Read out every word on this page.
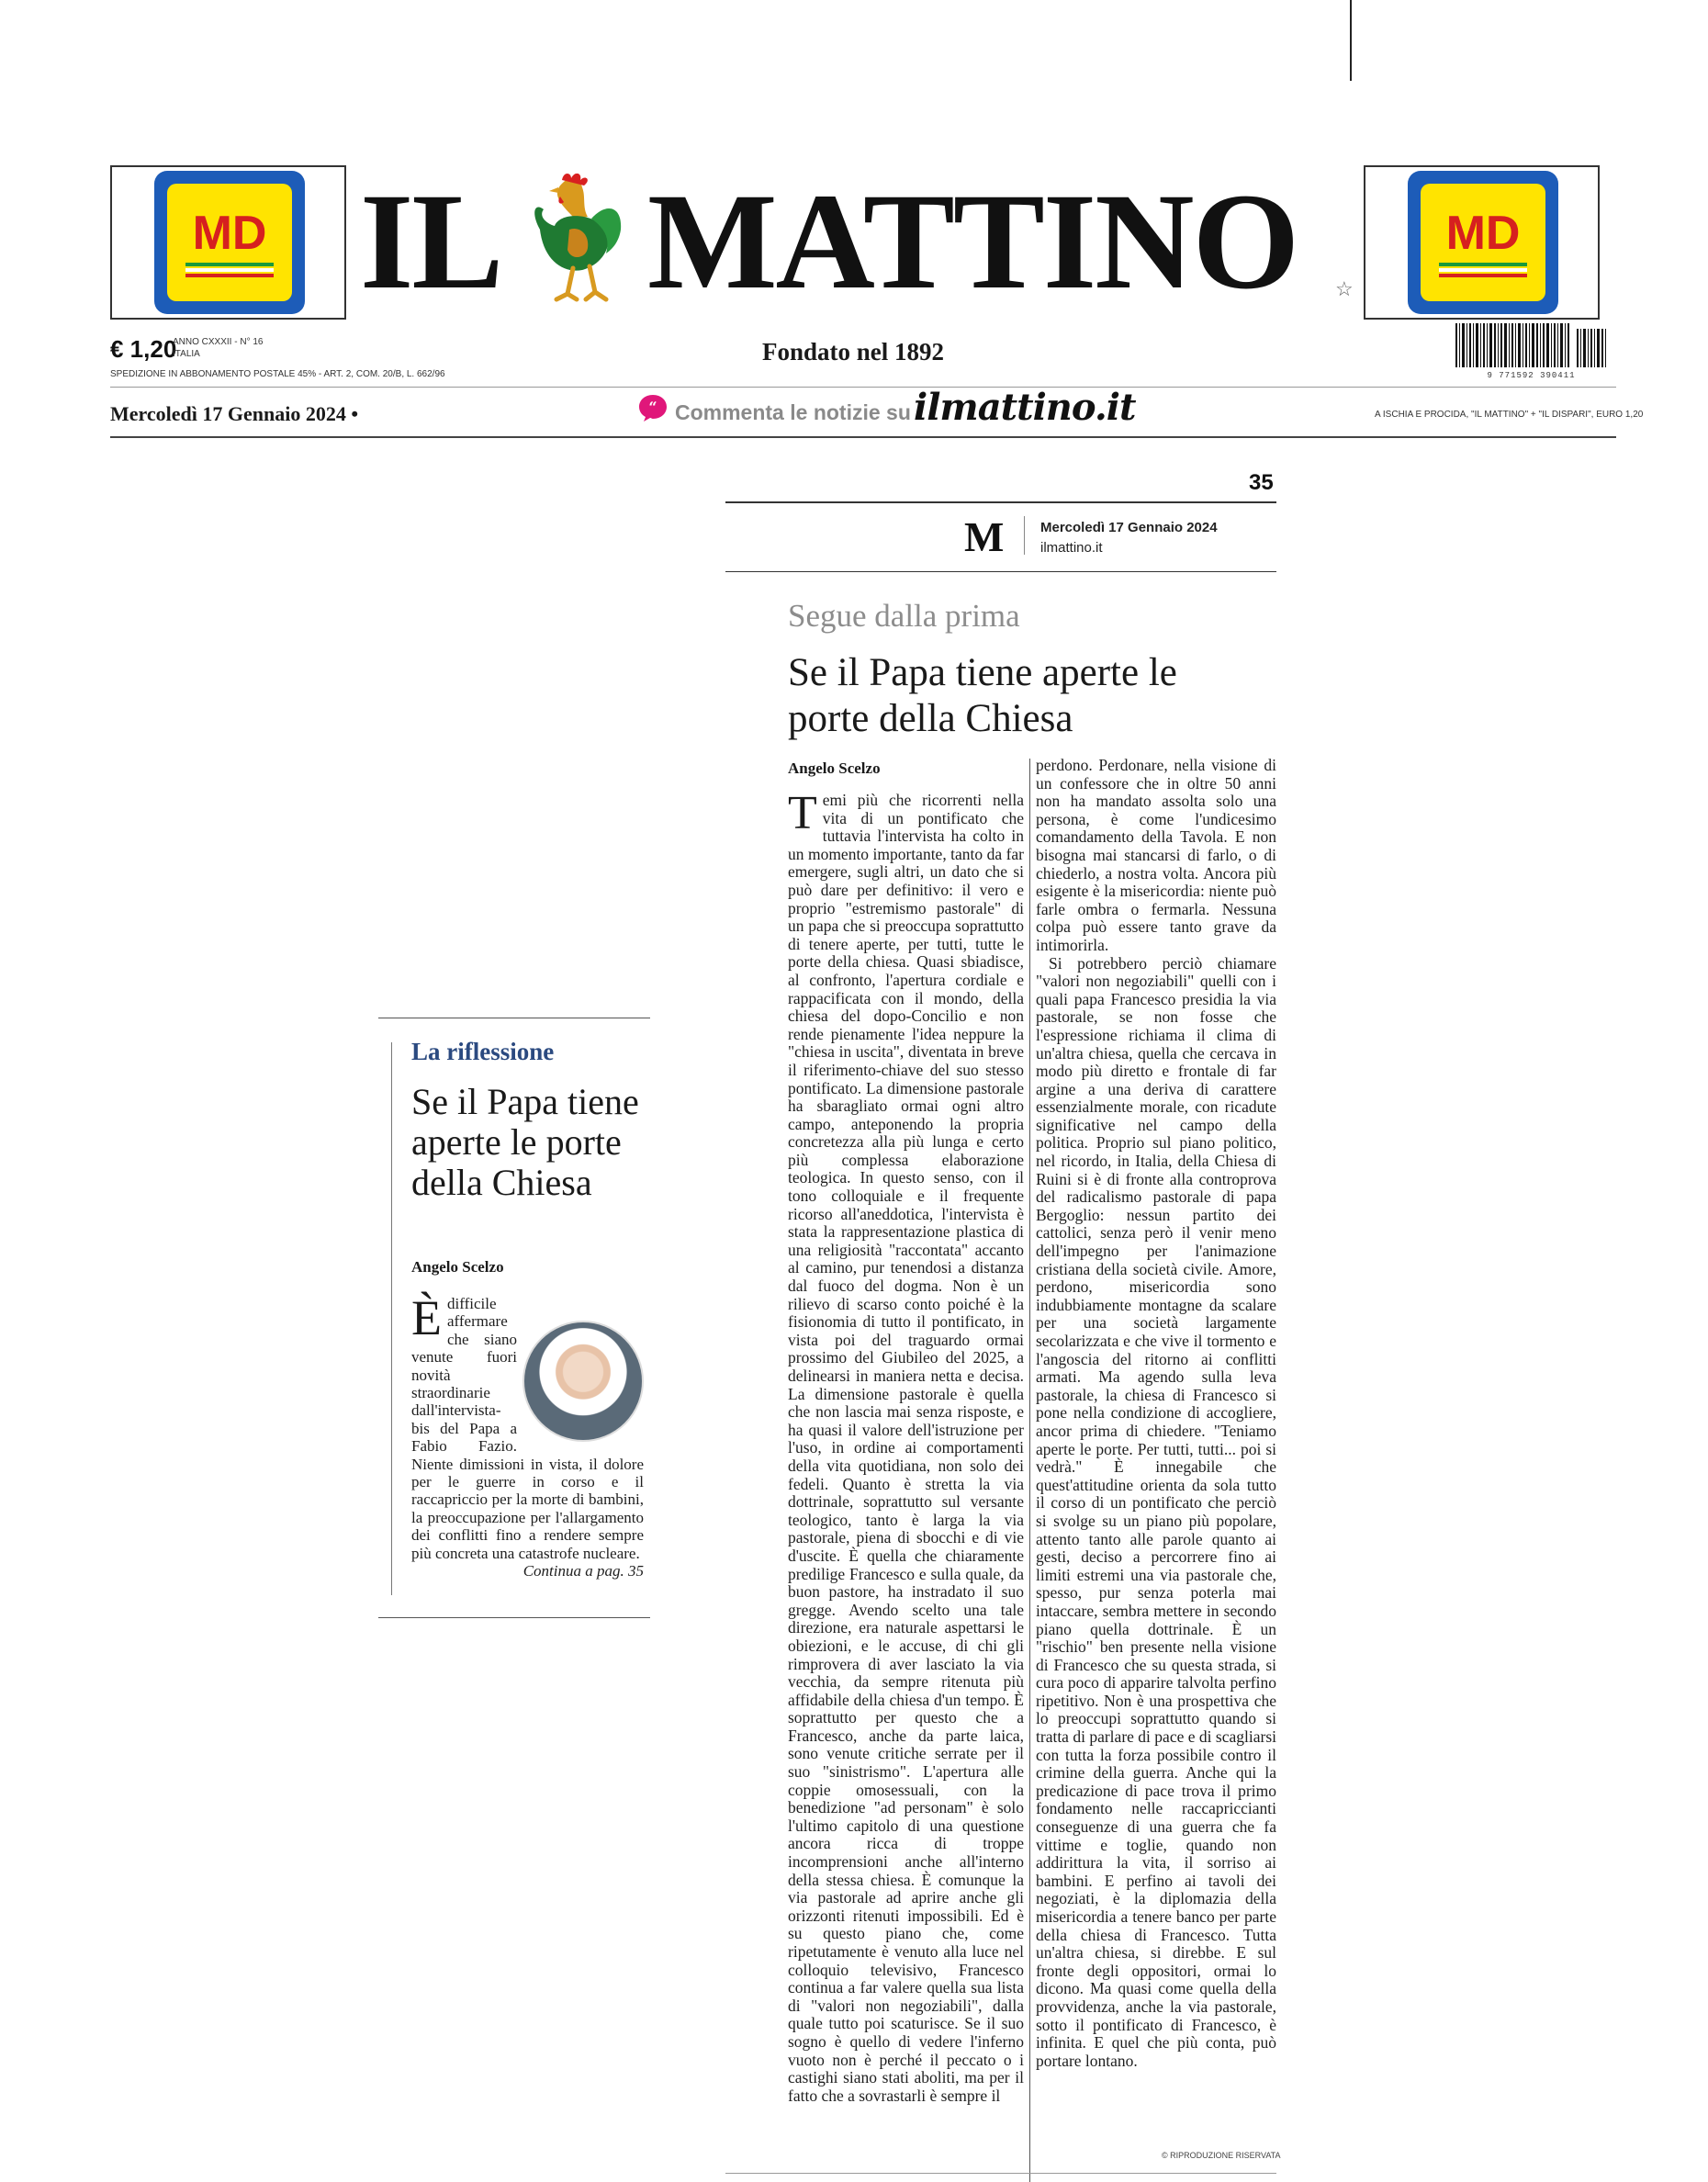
MD IL MATTINO ☆
MD
€ 1,20
ANNO CXXXII - N° 16
ITALIA
SPEDIZIONE IN ABBONAMENTO POSTALE 45% - ART. 2, COM. 20/B, L. 662/96
Fondato nel 1892
9 771592 390411
Mercoledì 17 Gennaio 2024 •	“ Commenta le notizie su ilmattino.it	A ISCHIA E PROCIDA, "IL MATTINO" + "IL DISPARI", EURO 1,20
35
M	Mercoledì 17 Gennaio 2024
ilmattino.it
Segue dalla prima
Se il Papa tiene aperte le porte della Chiesa
Angelo Scelzo

Temi più che ricorrenti nella vita di un pontificato che tuttavia l'intervista ha colto in un momento importante, tanto da far emergere, sugli altri, un dato che si può dare per definitivo: il vero e proprio "estremismo pastorale" di un papa che si preoccupa soprattutto di tenere aperte, per tutti, tutte le porte della chiesa. Quasi sbiadisce, al confronto, l'apertura cordiale e rappacificata con il mondo, della chiesa del dopo-Concilio e non rende pienamente l'idea neppure la "chiesa in uscita", diventata in breve il riferimento-chiave del suo stesso pontificato. La dimensione pastorale ha sbaragliato ormai ogni altro campo, anteponendo la propria concretezza alla più lunga e certo più complessa elaborazione teologica. In questo senso, con il tono colloquiale e il frequente ricorso all'aneddotica, l'intervista è stata la rappresentazione plastica di una religiosità "raccontata" accanto al camino, pur tenendosi a distanza dal fuoco del dogma. Non è un rilievo di scarso conto poiché è la fisionomia di tutto il pontificato, in vista poi del traguardo ormai prossimo del Giubileo del 2025, a delinearsi in maniera netta e decisa. La dimensione pastorale è quella che non lascia mai senza risposte, e ha quasi il valore dell'istruzione per l'uso, in ordine ai comportamenti della vita quotidiana, non solo dei fedeli. Quanto è stretta la via dottrinale, soprattutto sul versante teologico, tanto è larga la via pastorale, piena di sbocchi e di vie d'uscite. È quella che chiaramente predilige Francesco e sulla quale, da buon pastore, ha instradato il suo gregge. Avendo scelto una tale direzione, era naturale aspettarsi le obiezioni, e le accuse, di chi gli rimprovera di aver lasciato la via vecchia, da sempre ritenuta più affidabile della chiesa d'un tempo. È soprattutto per questo che a Francesco, anche da parte laica, sono venute critiche serrate per il suo "sinistrismo". L'apertura alle coppie omosessuali, con la benedizione "ad personam" è solo l'ultimo capitolo di una questione ancora ricca di troppe incomprensioni anche all'interno della stessa chiesa. È comunque la via pastorale ad aprire anche gli orizzonti ritenuti impossibili. Ed è su questo piano che, come ripetutamente è venuto alla luce nel colloquio televisivo, Francesco continua a far valere quella sua lista di "valori non negoziabili", dalla quale tutto poi scaturisce. Se il suo sogno è quello di vedere l'inferno vuoto non è perché il peccato o i castighi siano stati aboliti, ma per il fatto che a sovrastarli è sempre il

perdono. Perdonare, nella visione di un confessore che in oltre 50 anni non ha mandato assolta solo una persona, è come l'undicesimo comandamento della Tavola. E non bisogna mai stancarsi di farlo, o di chiederlo, a nostra volta. Ancora più esigente è la misericordia: niente può farle ombra o fermarla. Nessuna colpa può essere tanto grave da intimorirla.

Si potrebbero perciò chiamare "valori non negoziabili" quelli con i quali papa Francesco presidia la via pastorale, se non fosse che l'espressione richiama il clima di un'altra chiesa, quella che cercava in modo più diretto e frontale di far argine a una deriva di carattere essenzialmente morale, con ricadute significative nel campo della politica. Proprio sul piano politico, nel ricordo, in Italia, della Chiesa di Ruini si è di fronte alla controprova del radicalismo pastorale di papa Bergoglio: nessun partito dei cattolici, senza però il venir meno dell'impegno per l'animazione cristiana della società civile. Amore, perdono, misericordia sono indubbiamente montagne da scalare per una società largamente secolarizzata e che vive il tormento e l'angoscia del ritorno ai conflitti armati. Ma agendo sulla leva pastorale, la chiesa di Francesco si pone nella condizione di accogliere, ancor prima di chiedere. "Teniamo aperte le porte. Per tutti, tutti... poi si vedrà." È innegabile che quest'attitudine orienta da sola tutto il corso di un pontificato che perciò si svolge su un piano più popolare, attento tanto alle parole quanto ai gesti, deciso a percorrere fino ai limiti estremi una via pastorale che, spesso, pur senza poterla mai intaccare, sembra mettere in secondo piano quella dottrinale. È un "rischio" ben presente nella visione di Francesco che su questa strada, si cura poco di apparire talvolta perfino ripetitivo. Non è una prospettiva che lo preoccupi soprattutto quando si tratta di parlare di pace e di scagliarsi con tutta la forza possibile contro il crimine della guerra. Anche qui la predicazione di pace trova il primo fondamento nelle raccapriccianti conseguenze di una guerra che fa vittime e toglie, quando non addirittura la vita, il sorriso ai bambini. E perfino ai tavoli dei negoziati, è la diplomazia della misericordia a tenere banco per parte della chiesa di Francesco. Tutta un'altra chiesa, si direbbe. E sul fronte degli oppositori, ormai lo dicono. Ma quasi come quella della provvidenza, anche la via pastorale, sotto il pontificato di Francesco, è infinita. E quel che più conta, può portare lontano.

© RIPRODUZIONE RISERVATA
La riflessione
Se il Papa tiene aperte le porte della Chiesa
Angelo Scelzo
È difficile affermare che siano venute fuori novità straordinarie dall'intervista-bis del Papa a Fabio Fazio. Niente dimissioni in vista, il dolore per le guerre in corso e il raccapriccio per la morte di bambini, la preoccupazione per l'allargamento dei conflitti fino a rendere sempre più concreta una catastrofe nucleare.
Continua a pag. 35
